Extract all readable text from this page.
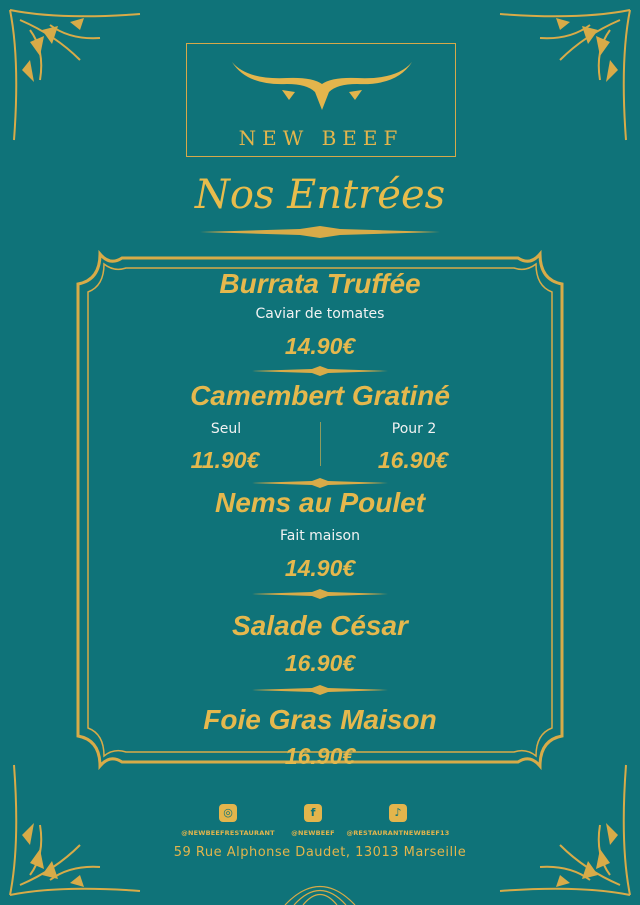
NEW BEEF
Nos Entrées
Burrata Truffée
Caviar de tomates
14.90€
Camembert Gratiné
Seul	Pour 2
11.90€	16.90€
Nems au Poulet
Fait maison
14.90€
Salade César
16.90€
Foie Gras Maison
16.90€
◎	f	♪
@NEWBEEFRESTAURANT	@NEWBEEF	@RESTAURANTNEWBEEF13
59 Rue Alphonse Daudet, 13013 Marseille
